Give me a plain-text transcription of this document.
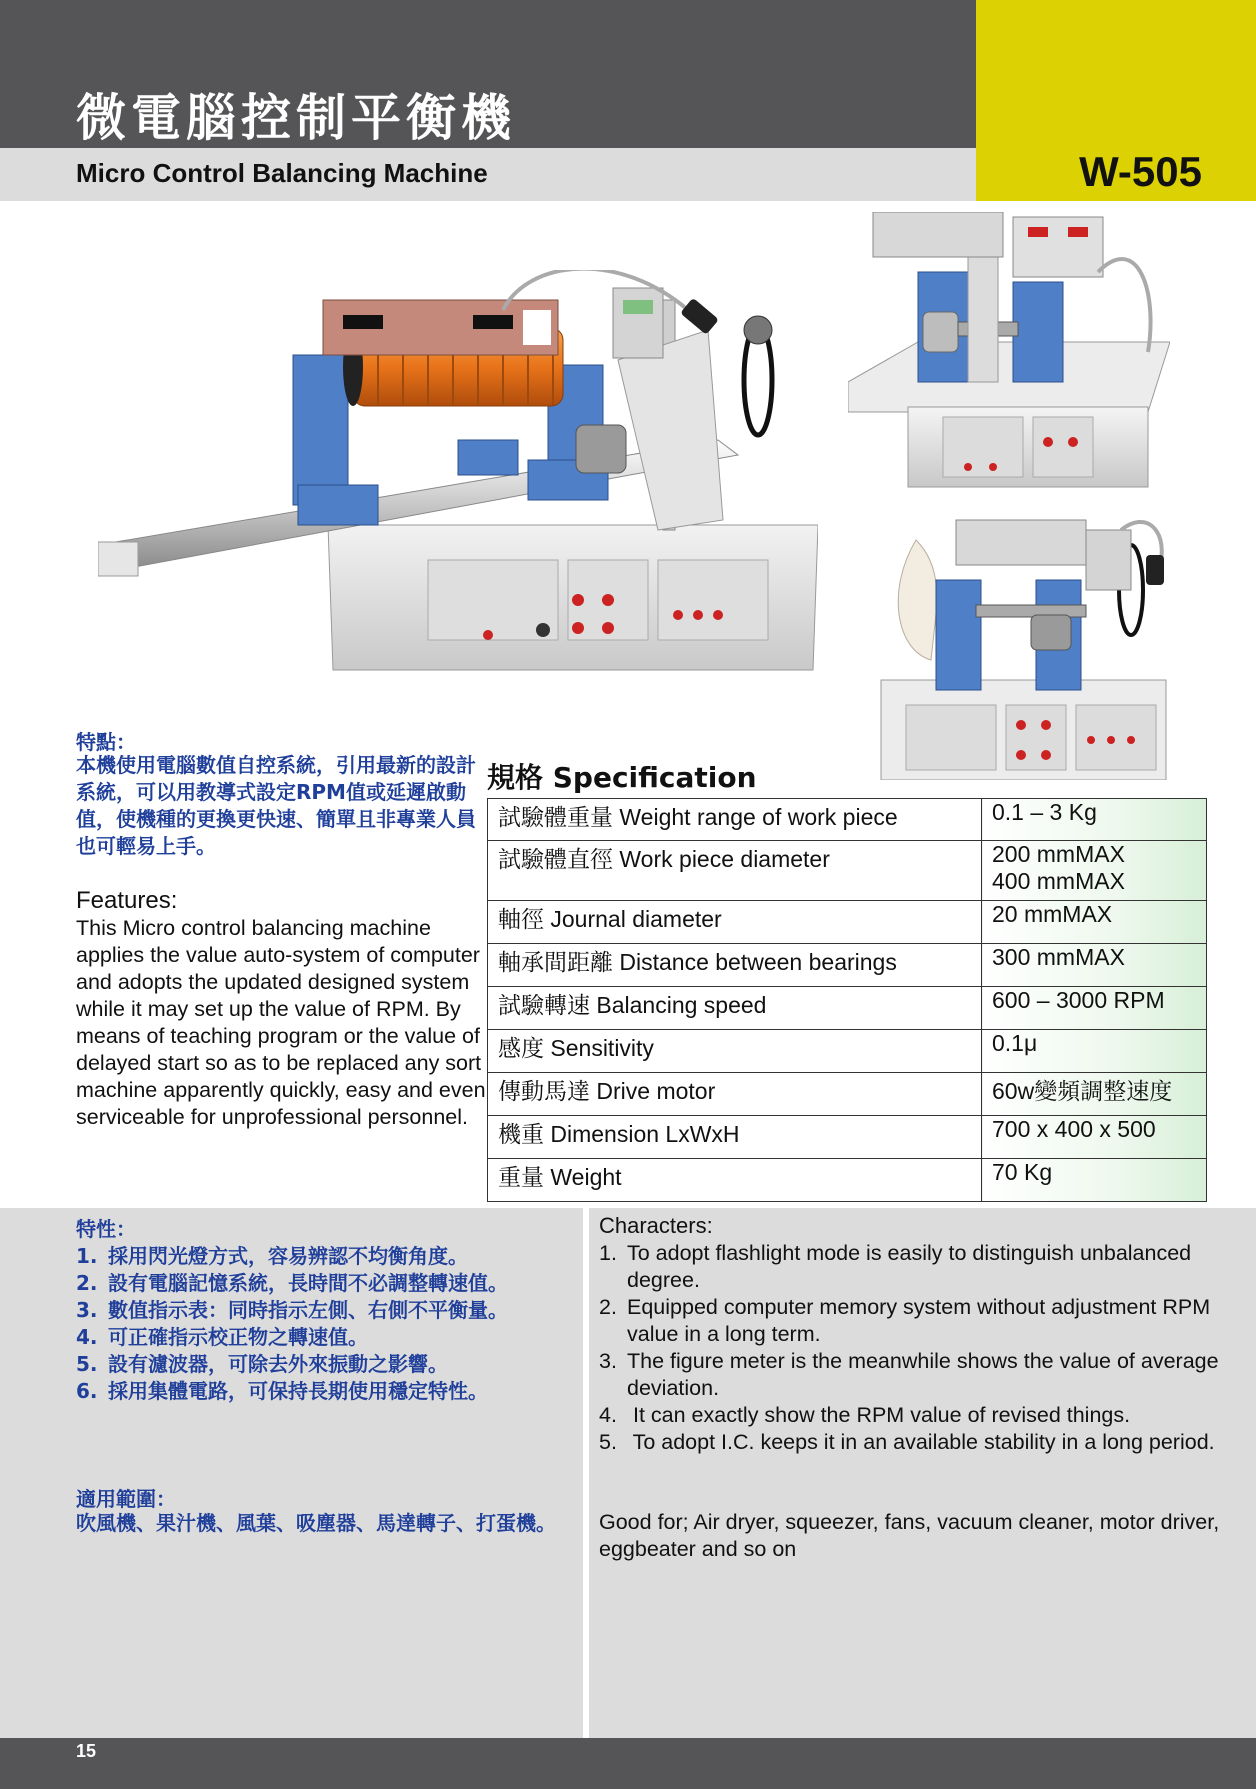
微電腦控制平衡機
Micro Control Balancing Machine	W-505
特點：
本機使用電腦數值自控系統，引用最新的設計系統，可以用教導式設定RPM值或延遲啟動值，使機種的更換更快速、簡單且非專業人員也可輕易上手。
Features:
This Micro control balancing machine applies the value auto-system of computer and adopts the updated designed system while it may set up the value of RPM. By means of teaching program or the value of delayed start so as to be replaced any sort machine apparently quickly, easy and even serviceable for unprofessional personnel.
規格 Specification
試驗體重量 Weight range of work piece	0.1 – 3 Kg
試驗體直徑 Work piece diameter	200 mmMAX
400 mmMAX

軸徑 Journal diameter	20 mmMAX
軸承間距離 Distance between bearings	300 mmMAX
試驗轉速 Balancing speed	600 – 3000 RPM
感度 Sensitivity	0.1μ
傳動馬達 Drive motor	60w變頻調整速度
機重 Dimension LxWxH	700 x 400 x 500
重量 Weight	70 Kg
特性：
1. 採用閃光燈方式，容易辨認不均衡角度。
2. 設有電腦記憶系統，長時間不必調整轉速值。
3. 數值指示表：同時指示左側、右側不平衡量。
4. 可正確指示校正物之轉速值。
5. 設有濾波器，可除去外來振動之影響。
6. 採用集體電路，可保持長期使用穩定特性。
適用範圍：
吹風機、果汁機、風葉、吸塵器、馬達轉子、打蛋機。
Characters:
1. To adopt flashlight mode is easily to distinguish unbalanced degree.
2. Equipped computer memory system without adjustment RPM value in a long term.
3. The figure meter is the meanwhile shows the value of average deviation.
4. It can exactly show the RPM value of revised things.
5. To adopt I.C. keeps it in an available stability in a long period.
Good for; Air dryer, squeezer, fans, vacuum cleaner, motor driver, eggbeater and so on
15
